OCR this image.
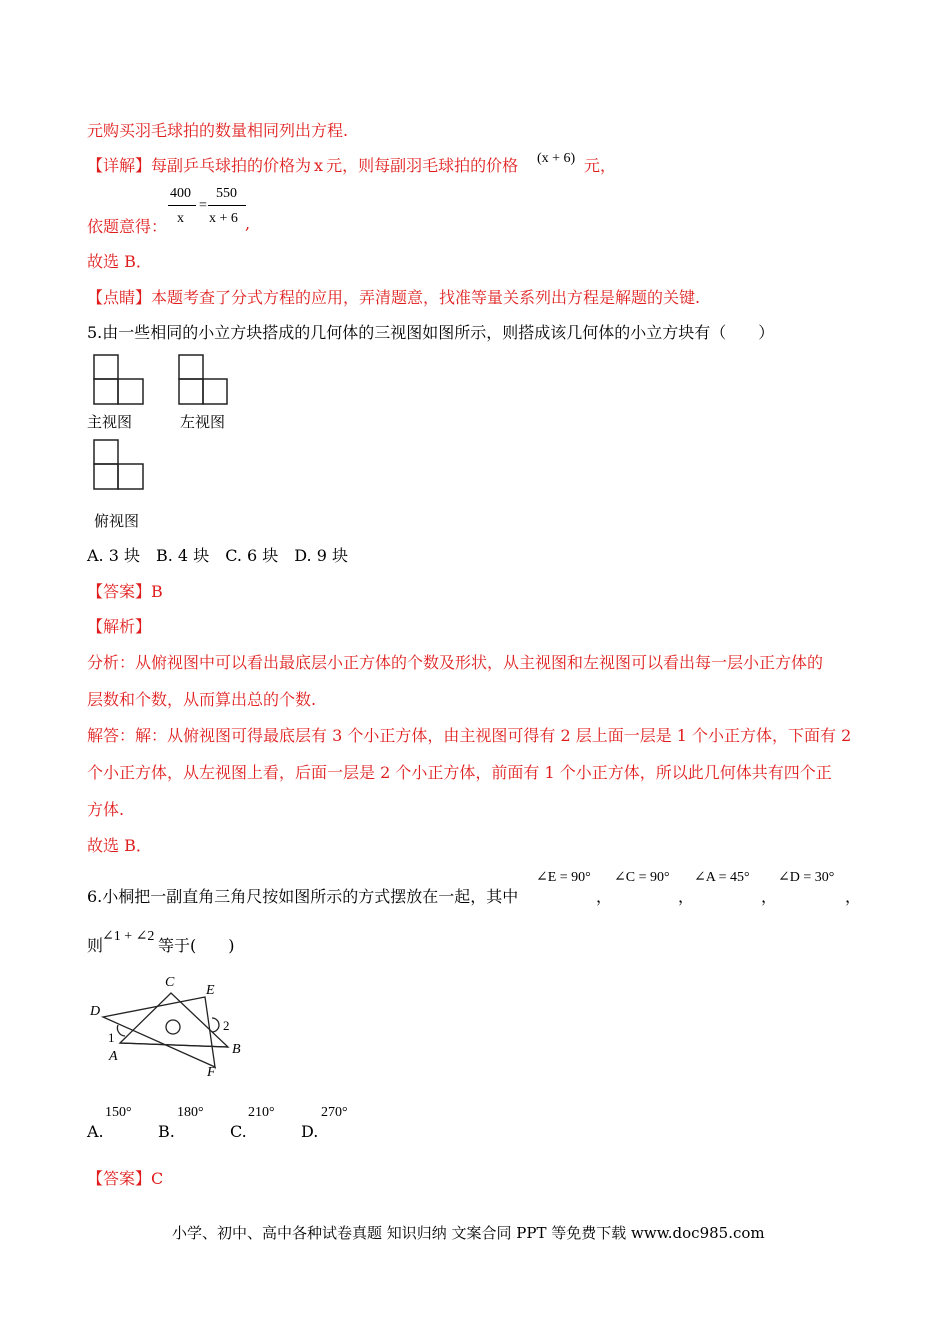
元购买羽毛球拍的数量相同列出方程.
【详解】每副乒乓球拍的价格为 x 元，则每副羽毛球拍的价格 (x + 6) 元，
依题意得：
400
x
=
550
x + 6 ,
故选 B．
【点睛】本题考查了分式方程的应用，弄清题意，找准等量关系列出方程是解题的关键.
5.由一些相同的小立方块搭成的几何体的三视图如图所示，则搭成该几何体的小立方块有（　　）
主视图	左视图
俯视图
A. 3 块　B. 4 块　C. 6 块　D. 9 块
【答案】B
【解析】
分析：从俯视图中可以看出最底层小正方体的个数及形状，从主视图和左视图可以看出每一层小正方体的
层数和个数，从而算出总的个数.
解答：解：从俯视图可得最底层有 3 个小正方体，由主视图可得有 2 层上面一层是 1 个小正方体，下面有 2
个小正方体，从左视图上看，后面一层是 2 个小正方体，前面有 1 个小正方体，所以此几何体共有四个正
方体.
故选 B．
6.小桐把一副直角三角尺按如图所示的方式摆放在一起，其中
∠E = 90°
，
∠C = 90°
，
∠A = 45°
，
∠D = 30°
，
则
∠1 + ∠2 等于(　　)
C
E
D
1
2
A	B
F
A.
150°
B.
180°
C.
210°
D.
270°
【答案】C
小学、初中、高中各种试卷真题 知识归纳 文案合同 PPT 等免费下载 www.doc985.com
